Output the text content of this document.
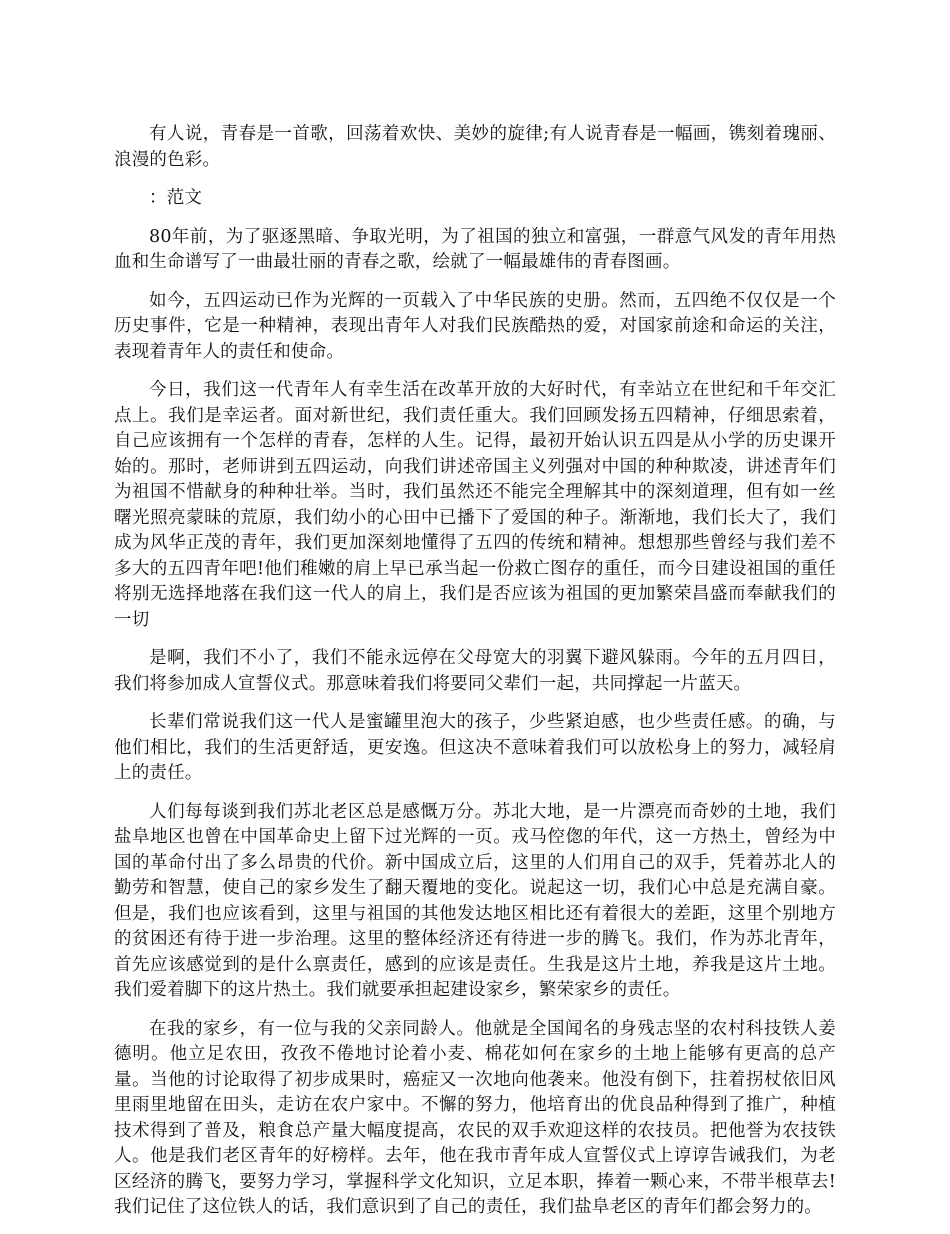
有人说，青春是一首歌，回荡着欢快、美妙的旋律;有人说青春是一幅画，镌刻着瑰丽、浪漫的色彩。

：范文

80年前，为了驱逐黑暗、争取光明，为了祖国的独立和富强，一群意气风发的青年用热血和生命谱写了一曲最壮丽的青春之歌，绘就了一幅最雄伟的青春图画。

如今，五四运动已作为光辉的一页载入了中华民族的史册。然而，五四绝不仅仅是一个历史事件，它是一种精神，表现出青年人对我们民族酷热的爱，对国家前途和命运的关注，表现着青年人的责任和使命。

今日，我们这一代青年人有幸生活在改革开放的大好时代，有幸站立在世纪和千年交汇点上。我们是幸运者。面对新世纪，我们责任重大。我们回顾发扬五四精神，仔细思索着，自己应该拥有一个怎样的青春，怎样的人生。记得，最初开始认识五四是从小学的历史课开始的。那时，老师讲到五四运动，向我们讲述帝国主义列强对中国的种种欺凌，讲述青年们为祖国不惜献身的种种壮举。当时，我们虽然还不能完全理解其中的深刻道理，但有如一丝曙光照亮蒙昧的荒原，我们幼小的心田中已播下了爱国的种子。渐渐地，我们长大了，我们成为风华正茂的青年，我们更加深刻地懂得了五四的传统和精神。想想那些曾经与我们差不多大的五四青年吧!他们稚嫩的肩上早已承当起一份救亡图存的重任，而今日建设祖国的重任将别无选择地落在我们这一代人的肩上，我们是否应该为祖国的更加繁荣昌盛而奉献我们的一切

是啊，我们不小了，我们不能永远停在父母宽大的羽翼下避风躲雨。今年的五月四日，我们将参加成人宣誓仪式。那意味着我们将要同父辈们一起，共同撑起一片蓝天。

长辈们常说我们这一代人是蜜罐里泡大的孩子，少些紧迫感，也少些责任感。的确，与他们相比，我们的生活更舒适，更安逸。但这决不意味着我们可以放松身上的努力，减轻肩上的责任。

人们每每谈到我们苏北老区总是感慨万分。苏北大地，是一片漂亮而奇妙的土地，我们盐阜地区也曾在中国革命史上留下过光辉的一页。戎马倥偬的年代，这一方热土，曾经为中国的革命付出了多么昂贵的代价。新中国成立后，这里的人们用自己的双手，凭着苏北人的勤劳和智慧，使自己的家乡发生了翻天覆地的变化。说起这一切，我们心中总是充满自豪。但是，我们也应该看到，这里与祖国的其他发达地区相比还有着很大的差距，这里个别地方的贫困还有待于进一步治理。这里的整体经济还有待进一步的腾飞。我们，作为苏北青年，首先应该感觉到的是什么禀责任，感到的应该是责任。生我是这片土地，养我是这片土地。我们爱着脚下的这片热土。我们就要承担起建设家乡，繁荣家乡的责任。

在我的家乡，有一位与我的父亲同龄人。他就是全国闻名的身残志坚的农村科技铁人姜德明。他立足农田，孜孜不倦地讨论着小麦、棉花如何在家乡的土地上能够有更高的总产量。当他的讨论取得了初步成果时，癌症又一次地向他袭来。他没有倒下，拄着拐杖依旧风里雨里地留在田头，走访在农户家中。不懈的努力，他培育出的优良品种得到了推广，种植技术得到了普及，粮食总产量大幅度提高，农民的双手欢迎这样的农技员。把他誉为农技铁人。他是我们老区青年的好榜样。去年，他在我市青年成人宣誓仪式上谆谆告诫我们，为老区经济的腾飞，要努力学习，掌握科学文化知识，立足本职，捧着一颗心来，不带半根草去!我们记住了这位铁人的话，我们意识到了自己的责任，我们盐阜老区的青年们都会努力的。
